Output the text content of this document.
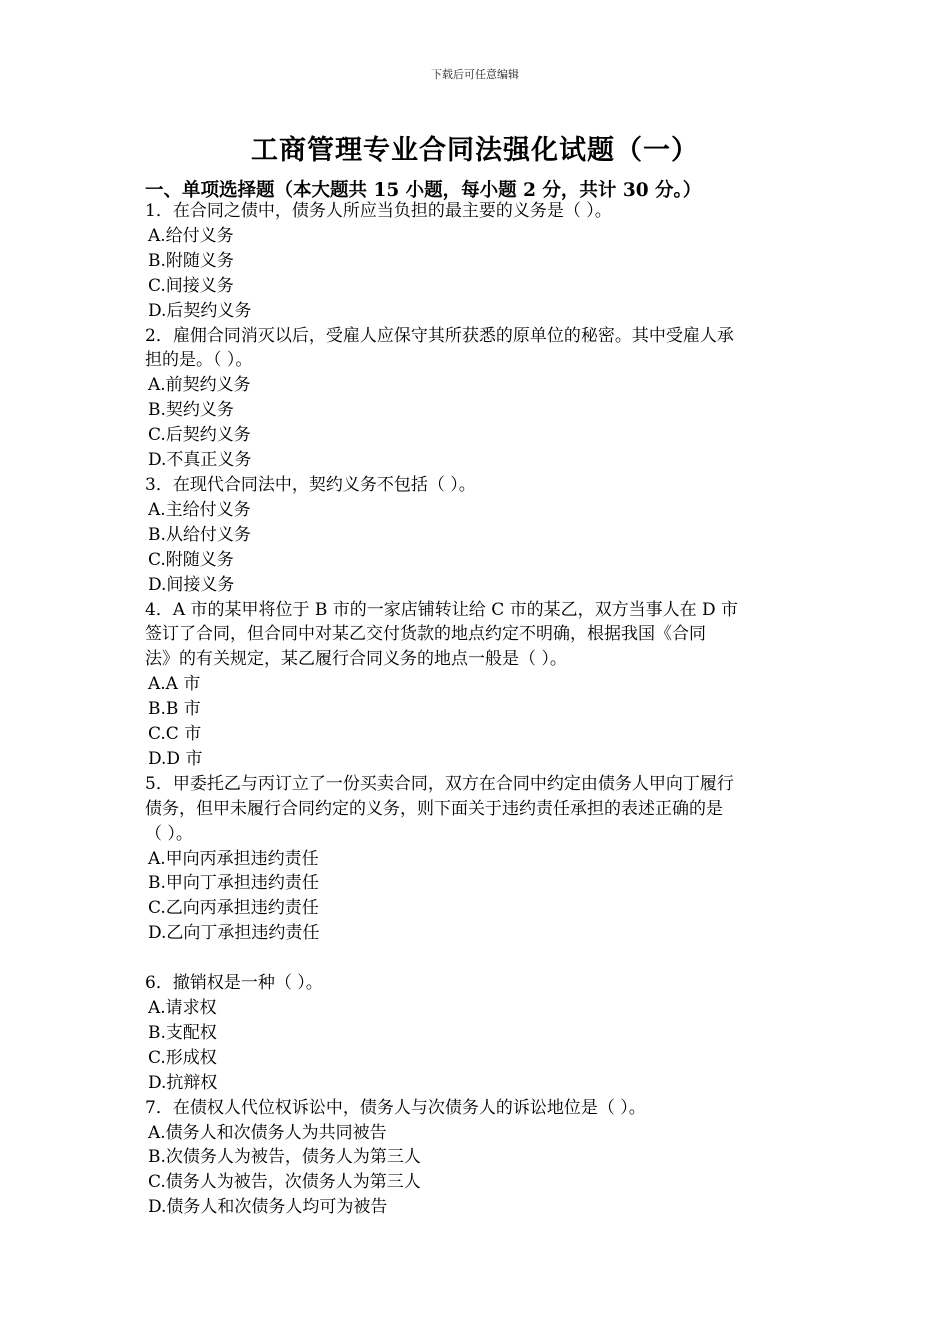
下载后可任意编辑
工商管理专业合同法强化试题（一）
一、单项选择题（本大题共 15 小题，每小题 2 分，共计 30 分。）
1．在合同之债中，债务人所应当负担的最主要的义务是（ ）。
A.给付义务
B.附随义务
C.间接义务
D.后契约义务
2．雇佣合同消灭以后，受雇人应保守其所获悉的原单位的秘密。其中受雇人承
担的是。（ ）。
A.前契约义务
B.契约义务
C.后契约义务
D.不真正义务
3．在现代合同法中，契约义务不包括（ ）。
A.主给付义务
B.从给付义务
C.附随义务
D.间接义务
4．A 市的某甲将位于 B 市的一家店铺转让给 C 市的某乙，双方当事人在 D 市
签订了合同，但合同中对某乙交付货款的地点约定不明确，根据我国《合同
法》的有关规定，某乙履行合同义务的地点一般是（ ）。
A.A 市
B.B 市
C.C 市
D.D 市
5．甲委托乙与丙订立了一份买卖合同，双方在合同中约定由债务人甲向丁履行
债务，但甲未履行合同约定的义务，则下面关于违约责任承担的表述正确的是
（ ）。
A.甲向丙承担违约责任
B.甲向丁承担违约责任
C.乙向丙承担违约责任
D.乙向丁承担违约责任
6．撤销权是一种（ ）。
A.请求权
B.支配权
C.形成权
D.抗辩权
7．在债权人代位权诉讼中，债务人与次债务人的诉讼地位是（ ）。
A.债务人和次债务人为共同被告
B.次债务人为被告，债务人为第三人
C.债务人为被告，次债务人为第三人
D.债务人和次债务人均可为被告
